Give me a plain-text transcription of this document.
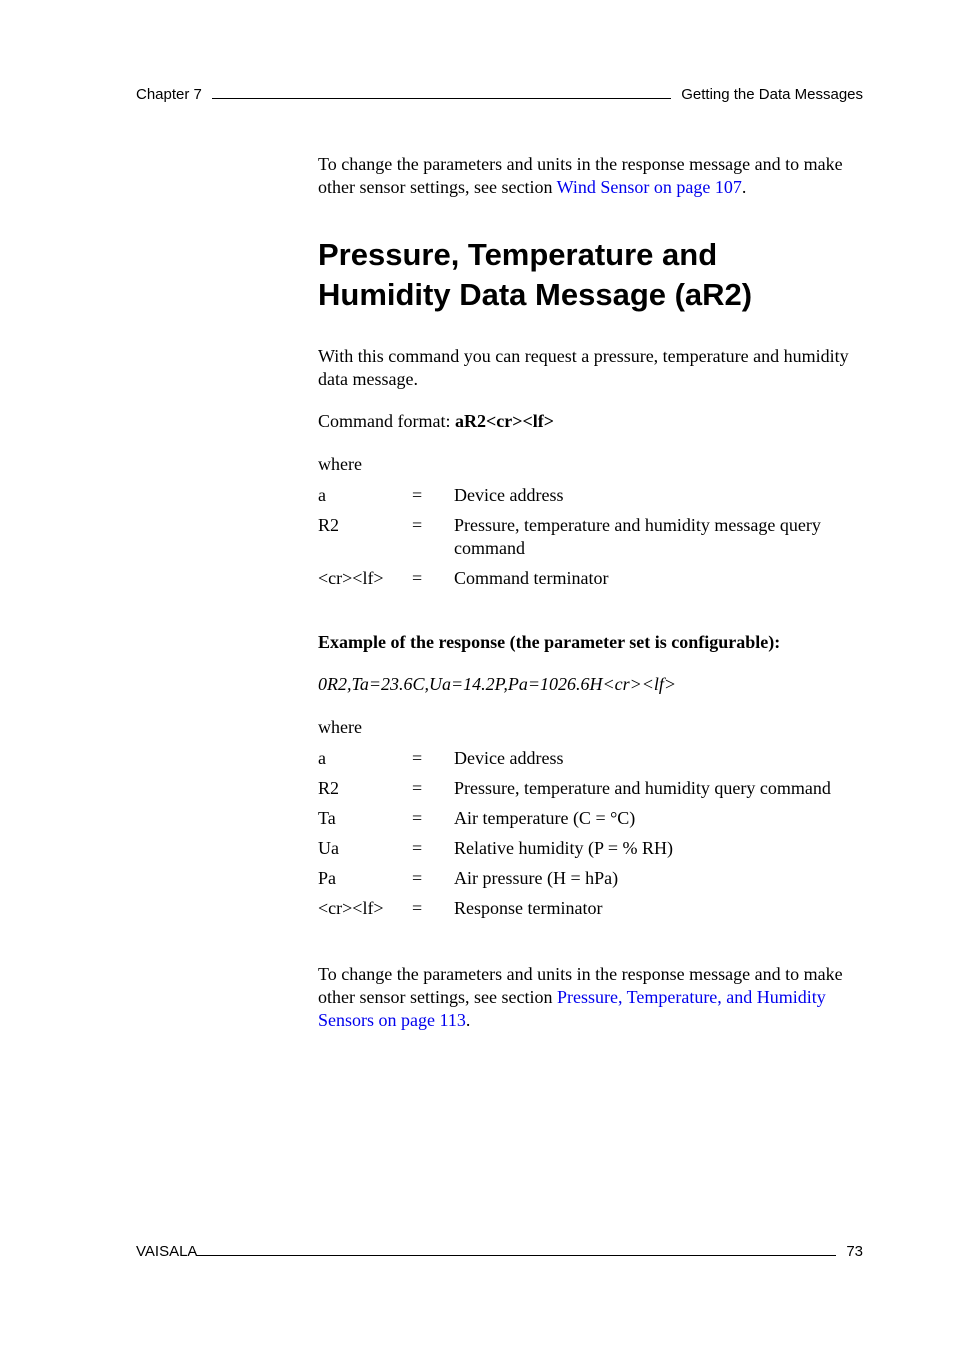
Chapter 7	Getting the Data Messages

To change the parameters and units in the response message and to make other sensor settings, see section Wind Sensor on page 107.

Pressure, Temperature and
Humidity Data Message (aR2)

With this command you can request a pressure, temperature and humidity data message.

Command format: aR2<cr><lf>

where

a	=	Device address
R2	=	Pressure, temperature and humidity message query command
<cr><lf>	=	Command terminator

Example of the response (the parameter set is configurable):

0R2,Ta=23.6C,Ua=14.2P,Pa=1026.6H<cr><lf>

where

a	=	Device address
R2	=	Pressure, temperature and humidity query command
Ta	=	Air temperature (C = °C)
Ua	=	Relative humidity (P = % RH)
Pa	=	Air pressure (H = hPa)
<cr><lf>	=	Response terminator

To change the parameters and units in the response message and to make other sensor settings, see section Pressure, Temperature, and Humidity Sensors on page 113.

VAISALA	73
